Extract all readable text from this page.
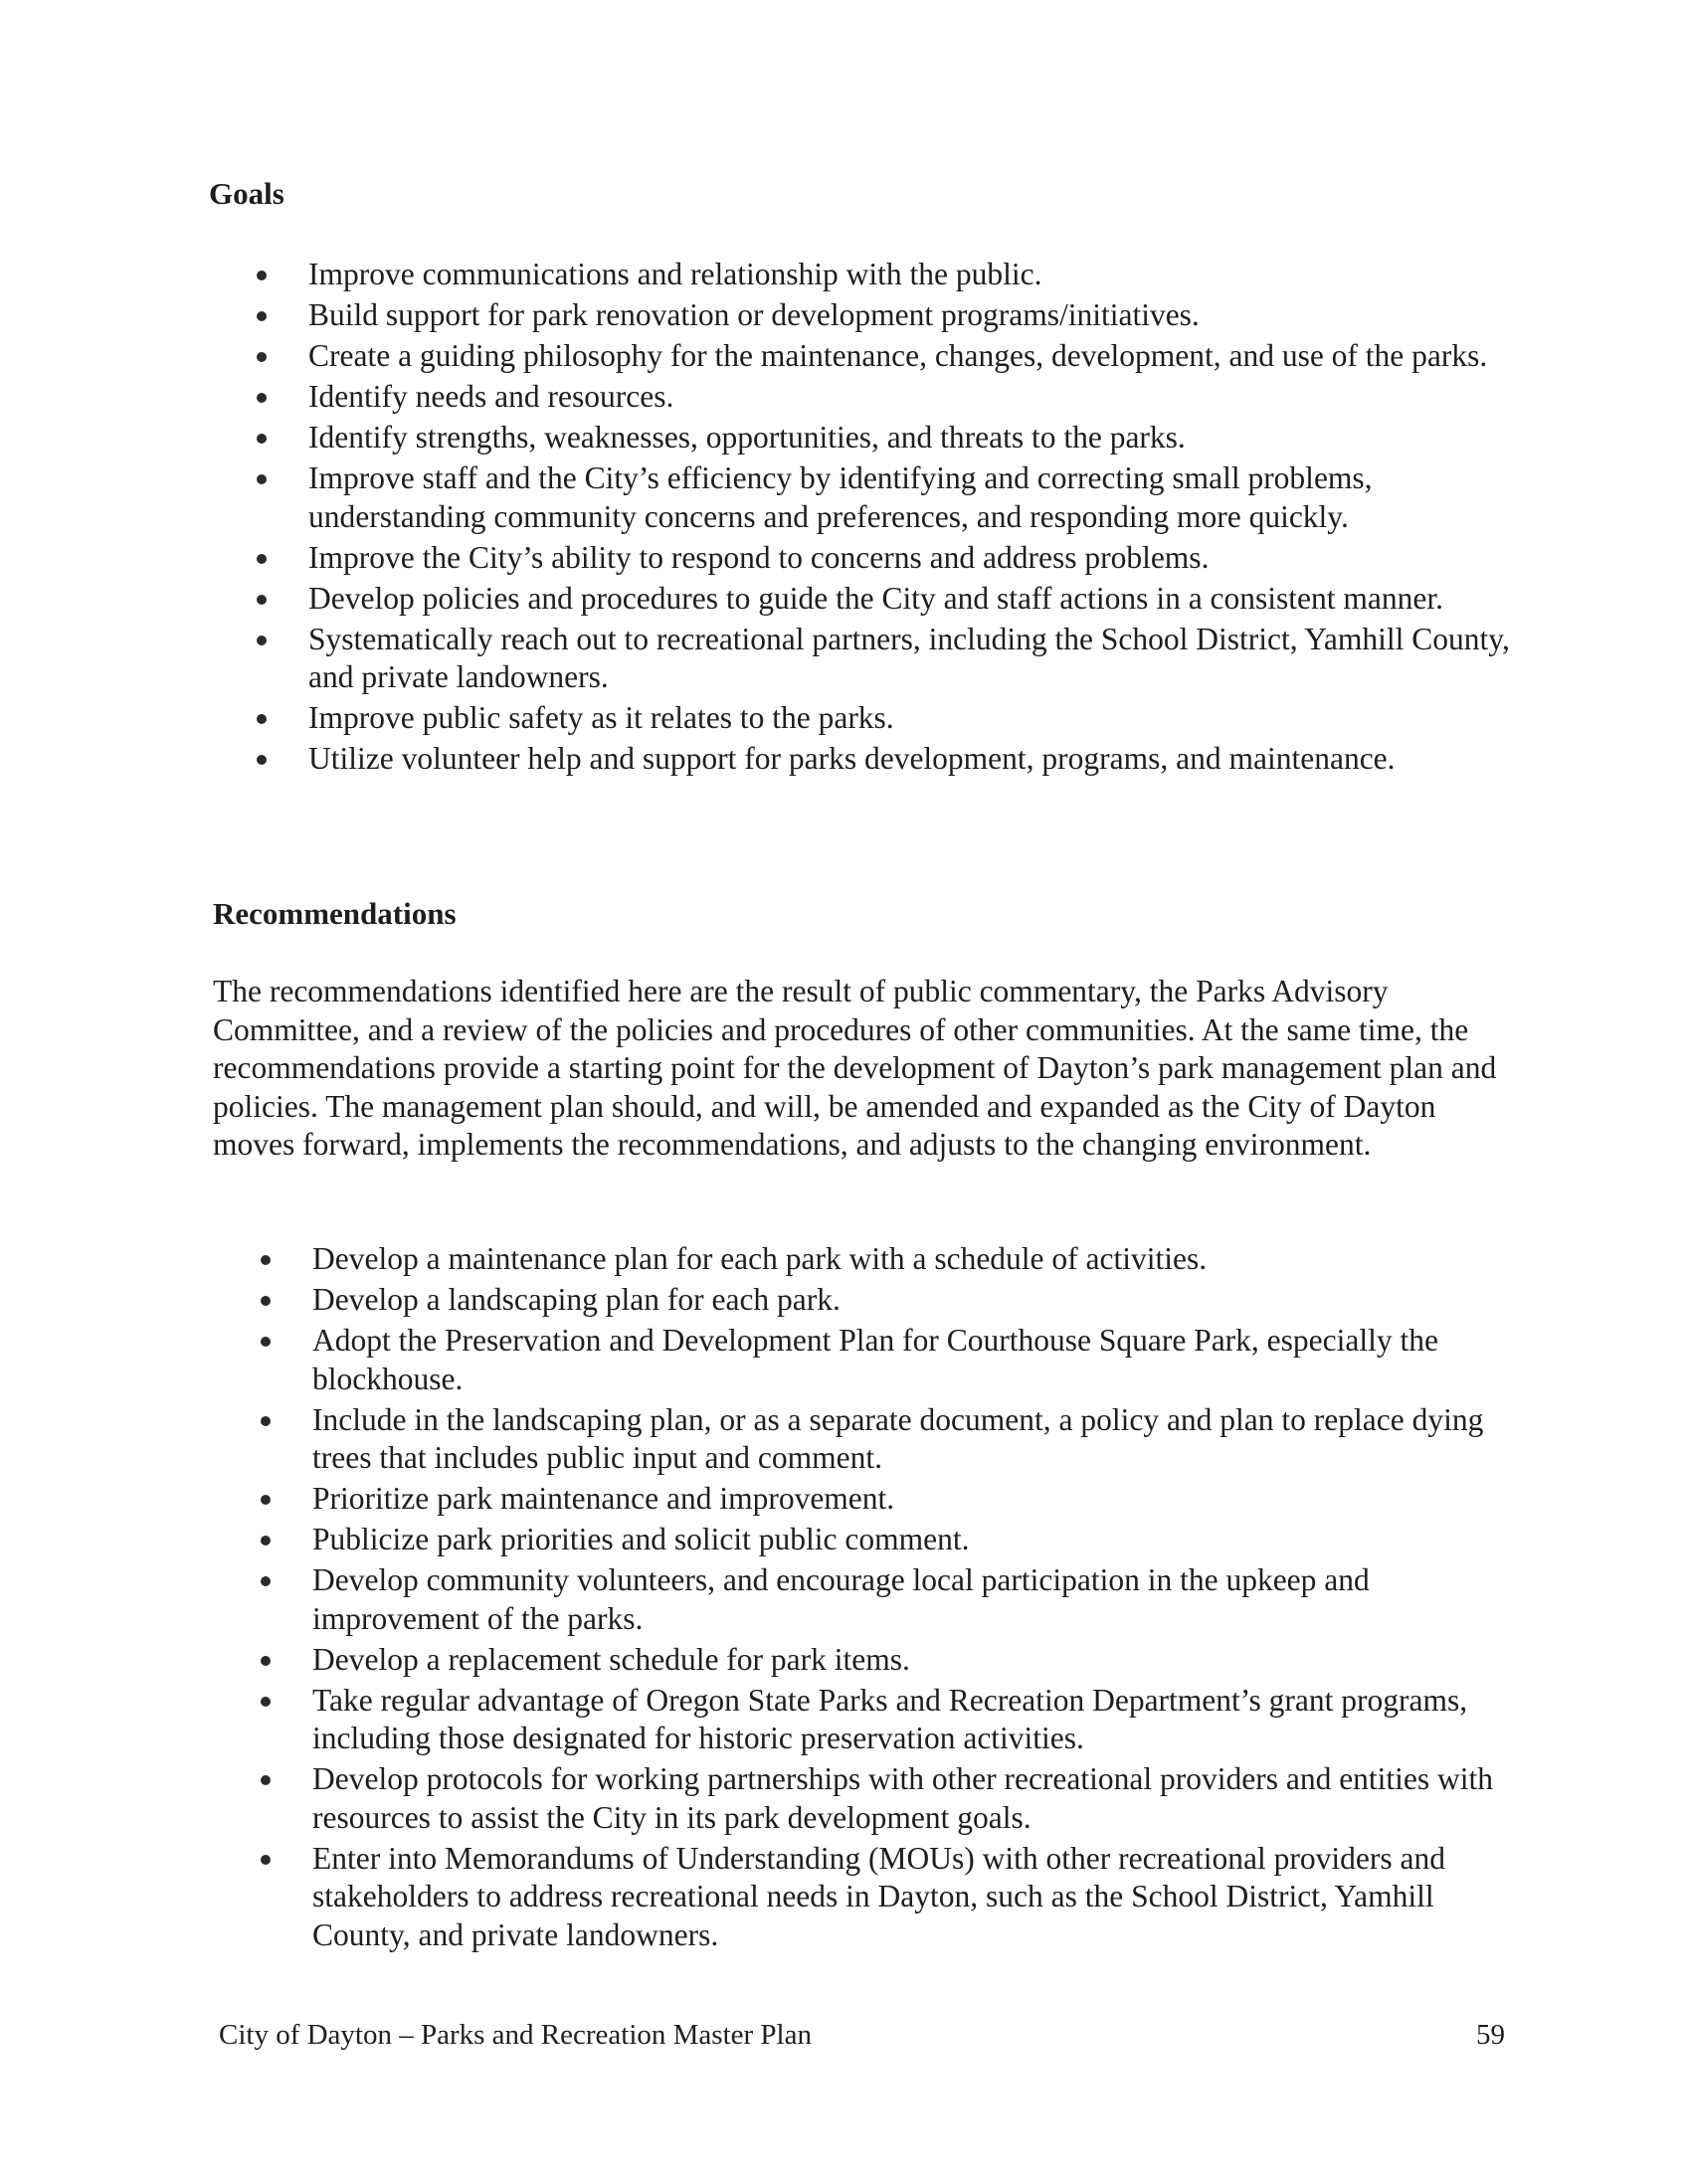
Goals
Improve communications and relationship with the public.
Build support for park renovation or development programs/initiatives.
Create a guiding philosophy for the maintenance, changes, development, and use of the parks.
Identify needs and resources.
Identify strengths, weaknesses, opportunities, and threats to the parks.
Improve staff and the City’s efficiency by identifying and correcting small problems, understanding community concerns and preferences, and responding more quickly.
Improve the City’s ability to respond to concerns and address problems.
Develop policies and procedures to guide the City and staff actions in a consistent manner.
Systematically reach out to recreational partners, including the School District, Yamhill County, and private landowners.
Improve public safety as it relates to the parks.
Utilize volunteer help and support for parks development, programs, and maintenance.
Recommendations

The recommendations identified here are the result of public commentary, the Parks Advisory Committee, and a review of the policies and procedures of other communities. At the same time, the recommendations provide a starting point for the development of Dayton’s park management plan and policies. The management plan should, and will, be amended and expanded as the City of Dayton moves forward, implements the recommendations, and adjusts to the changing environment.

Develop a maintenance plan for each park with a schedule of activities.
Develop a landscaping plan for each park.
Adopt the Preservation and Development Plan for Courthouse Square Park, especially the blockhouse.
Include in the landscaping plan, or as a separate document, a policy and plan to replace dying trees that includes public input and comment.
Prioritize park maintenance and improvement.
Publicize park priorities and solicit public comment.
Develop community volunteers, and encourage local participation in the upkeep and improvement of the parks.
Develop a replacement schedule for park items.
Take regular advantage of Oregon State Parks and Recreation Department’s grant programs, including those designated for historic preservation activities.
Develop protocols for working partnerships with other recreational providers and entities with resources to assist the City in its park development goals.
Enter into Memorandums of Understanding (MOUs) with other recreational providers and stakeholders to address recreational needs in Dayton, such as the School District, Yamhill County, and private landowners.
City of Dayton – Parks and Recreation Master Plan	59
